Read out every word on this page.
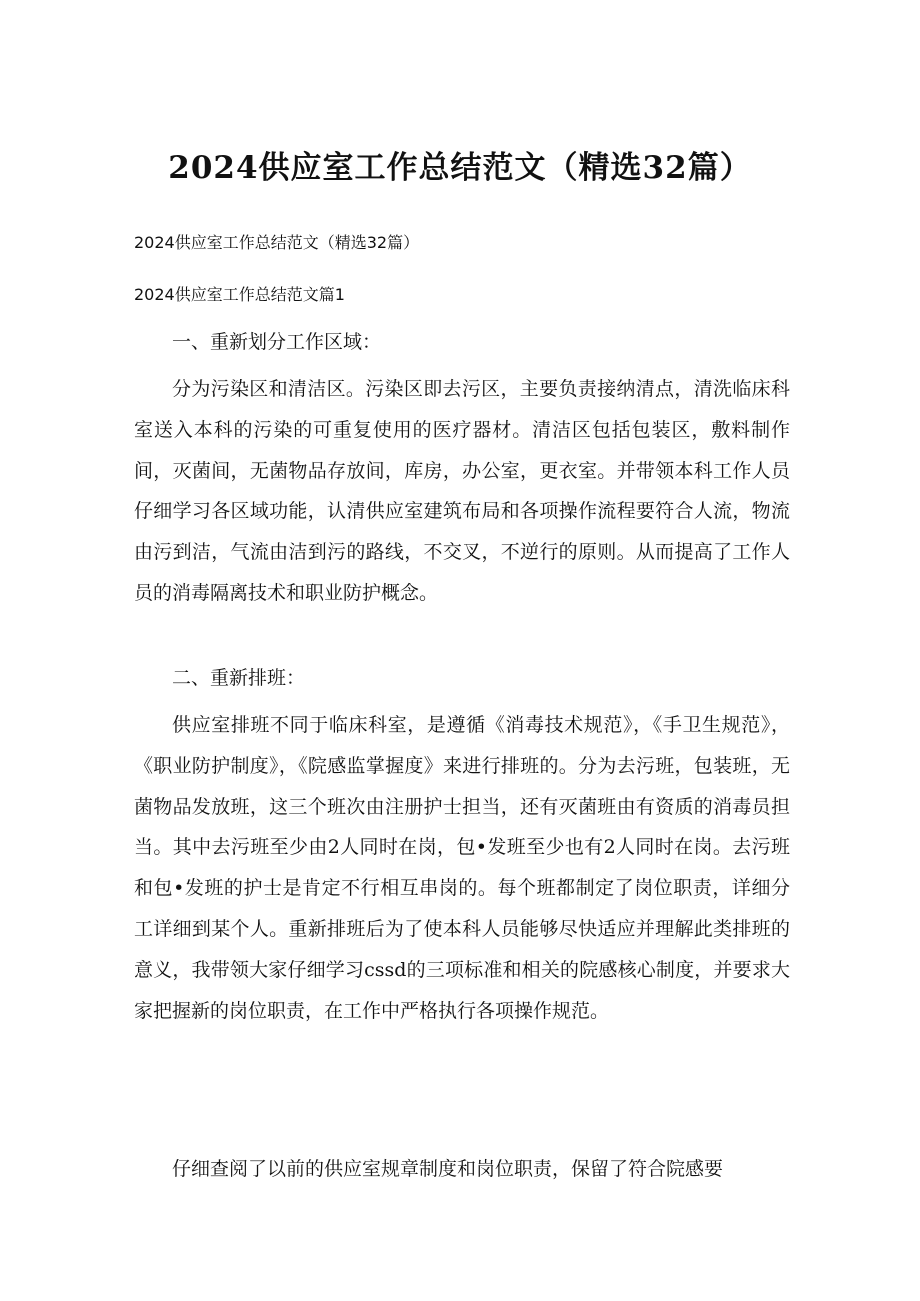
2024供应室工作总结范文（精选32篇）

2024供应室工作总结范文（精选32篇）

2024供应室工作总结范文篇1

一、重新划分工作区域：

分为污染区和清洁区。污染区即去污区，主要负责接纳清点，清洗临床科室送入本科的污染的可重复使用的医疗器材。清洁区包括包装区，敷料制作间，灭菌间，无菌物品存放间，库房，办公室，更衣室。并带领本科工作人员仔细学习各区域功能，认清供应室建筑布局和各项操作流程要符合人流，物流由污到洁，气流由洁到污的路线，不交叉，不逆行的原则。从而提高了工作人员的消毒隔离技术和职业防护概念。

二、重新排班：

供应室排班不同于临床科室，是遵循《消毒技术规范》，《手卫生规范》，《职业防护制度》，《院感监掌握度》来进行排班的。分为去污班，包装班，无菌物品发放班，这三个班次由注册护士担当，还有灭菌班由有资质的消毒员担当。其中去污班至少由2人同时在岗，包•发班至少也有2人同时在岗。去污班和包•发班的护士是肯定不行相互串岗的。每个班都制定了岗位职责，详细分工详细到某个人。重新排班后为了使本科人员能够尽快适应并理解此类排班的意义，我带领大家仔细学习cssd的三项标准和相关的院感核心制度，并要求大家把握新的岗位职责，在工作中严格执行各项操作规范。

仔细查阅了以前的供应室规章制度和岗位职责，保留了符合院感要
